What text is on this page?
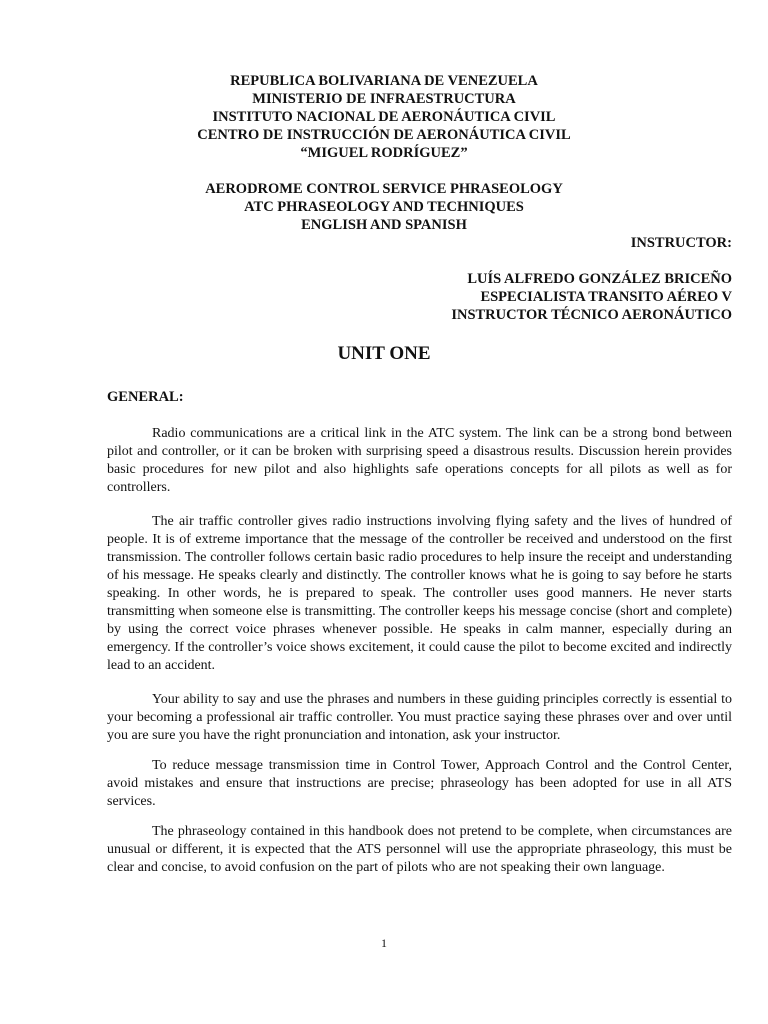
REPUBLICA BOLIVARIANA DE VENEZUELA
MINISTERIO DE INFRAESTRUCTURA
INSTITUTO NACIONAL DE AERONÁUTICA CIVIL
CENTRO DE INSTRUCCIÓN DE AERONÁUTICA CIVIL
“MIGUEL RODRÍGUEZ”
AERODROME CONTROL SERVICE PHRASEOLOGY
ATC PHRASEOLOGY AND TECHNIQUES
ENGLISH AND SPANISH
INSTRUCTOR:
LUÍS ALFREDO GONZÁLEZ BRICEÑO
ESPECIALISTA TRANSITO AÉREO V
INSTRUCTOR TÉCNICO AERONÁUTICO
UNIT ONE
GENERAL:

Radio communications are a critical link in the ATC system. The link can be a strong bond between pilot and controller, or it can be broken with surprising speed a disastrous results. Discussion herein provides basic procedures for new pilot and also highlights safe operations concepts for all pilots as well as for controllers.

The air traffic controller gives radio instructions involving flying safety and the lives of hundred of people. It is of extreme importance that the message of the controller be received and understood on the first transmission. The controller follows certain basic radio procedures to help insure the receipt and understanding of his message. He speaks clearly and distinctly. The controller knows what he is going to say before he starts speaking. In other words, he is prepared to speak. The controller uses good manners. He never starts transmitting when someone else is transmitting. The controller keeps his message concise (short and complete) by using the correct voice phrases whenever possible. He speaks in calm manner, especially during an emergency. If the controller’s voice shows excitement, it could cause the pilot to become excited and indirectly lead to an accident.

Your ability to say and use the phrases and numbers in these guiding principles correctly is essential to your becoming a professional air traffic controller. You must practice saying these phrases over and over until you are sure you have the right pronunciation and intonation, ask your instructor.

To reduce message transmission time in Control Tower, Approach Control and the Control Center, avoid mistakes and ensure that instructions are precise; phraseology has been adopted for use in all ATS services.

The phraseology contained in this handbook does not pretend to be complete, when circumstances are unusual or different, it is expected that the ATS personnel will use the appropriate phraseology, this must be clear and concise, to avoid confusion on the part of pilots who are not speaking their own language.

1
